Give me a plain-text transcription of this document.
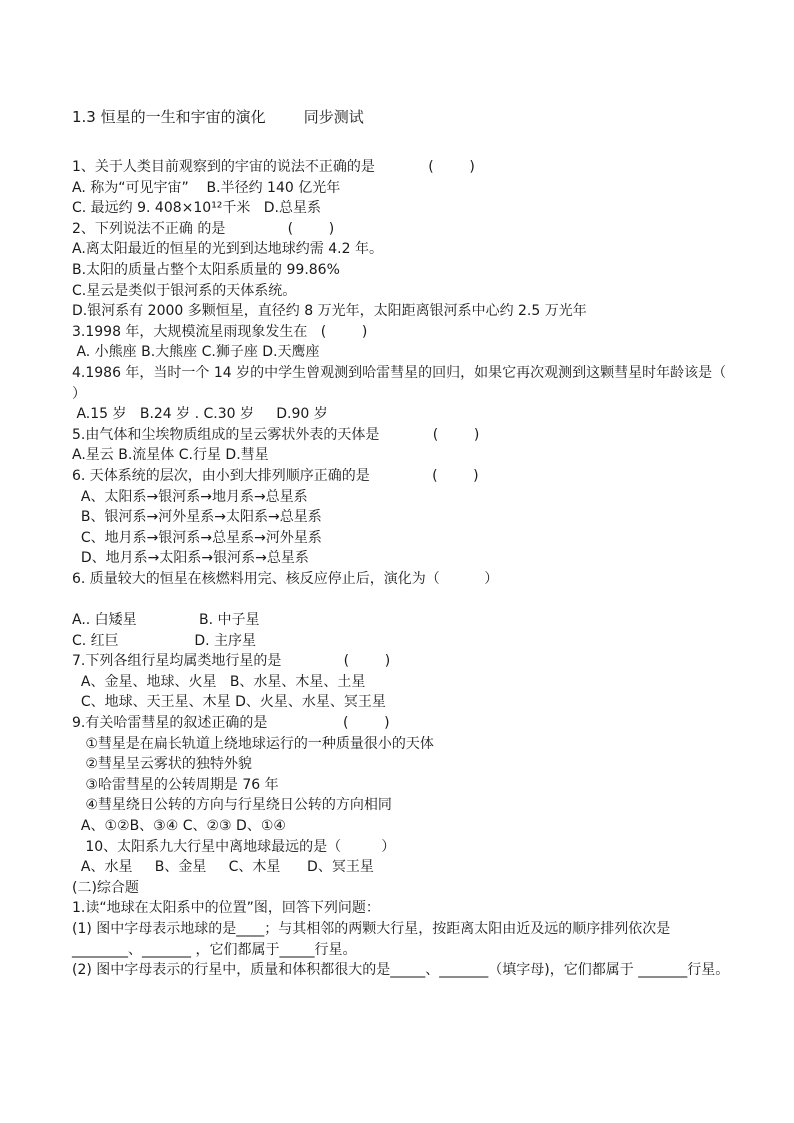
1.3 恒星的一生和宇宙的演化        同步测试
1、关于人类目前观察到的宇宙的说法不正确的是            (        )
A. 称为“可见宇宙”    B.半径约 140 亿光年
C. 最远约 9. 408×10¹²千米   D.总星系
2、下列说法不正确 的是              (        )
A.离太阳最近的恒星的光到到达地球约需 4.2 年。
B.太阳的质量占整个太阳系质量的 99.86%
C.星云是类似于银河系的天体系统。
D.银河系有 2000 多颗恒星，直径约 8 万光年，太阳距离银河系中心约 2.5 万光年
3.1998 年，大规模流星雨现象发生在   (        )
A. 小熊座 B.大熊座 C.狮子座 D.天鹰座
4.1986 年，当时一个 14 岁的中学生曾观测到哈雷彗星的回归，如果它再次观测到这颗彗星时年龄该是（ ）
A.15 岁   B.24 岁 . C.30 岁     D.90 岁
5.由气体和尘埃物质组成的呈云雾状外表的天体是            (        )
A.星云 B.流星体 C.行星 D.彗星
6. 天体系统的层次，由小到大排列顺序正确的是              (        )
A、太阳系→银河系→地月系→总星系
B、银河系→河外星系→太阳系→总星系
C、地月系→银河系→总星系→河外星系
D、地月系→太阳系→银河系→总星系
6. 质量较大的恒星在核燃料用完、核反应停止后，演化为（          ）
A.. 白矮星              B. 中子星
C. 红巨                 D. 主序星
7.下列各组行星均属类地行星的是              (        )
A、金星、地球、火星   B、水星、木星、土星
C、地球、天王星、木星 D、火星、水星、冥王星
9.有关哈雷彗星的叙述正确的是                 (        )
①彗星是在扁长轨道上绕地球运行的一种质量很小的天体
②彗星呈云雾状的独特外貌
③哈雷彗星的公转周期是 76 年
④彗星绕日公转的方向与行星绕日公转的方向相同
A、①②B、③④ C、②③ D、①④
10、太阳系九大行星中离地球最远的是（         ）
A、水星     B、金星     C、木星      D、冥王星
(二)综合题
1.读“地球在太阳系中的位置”图，回答下列问题：
(1) 图中字母表示地球的是____；与其相邻的两颗大行星，按距离太阳由近及远的顺序排列依次是________、_______ ，它们都属于_____行星。
(2) 图中字母表示的行星中，质量和体积都很大的是_____、_______（填字母)，它们都属于 _______行星。
